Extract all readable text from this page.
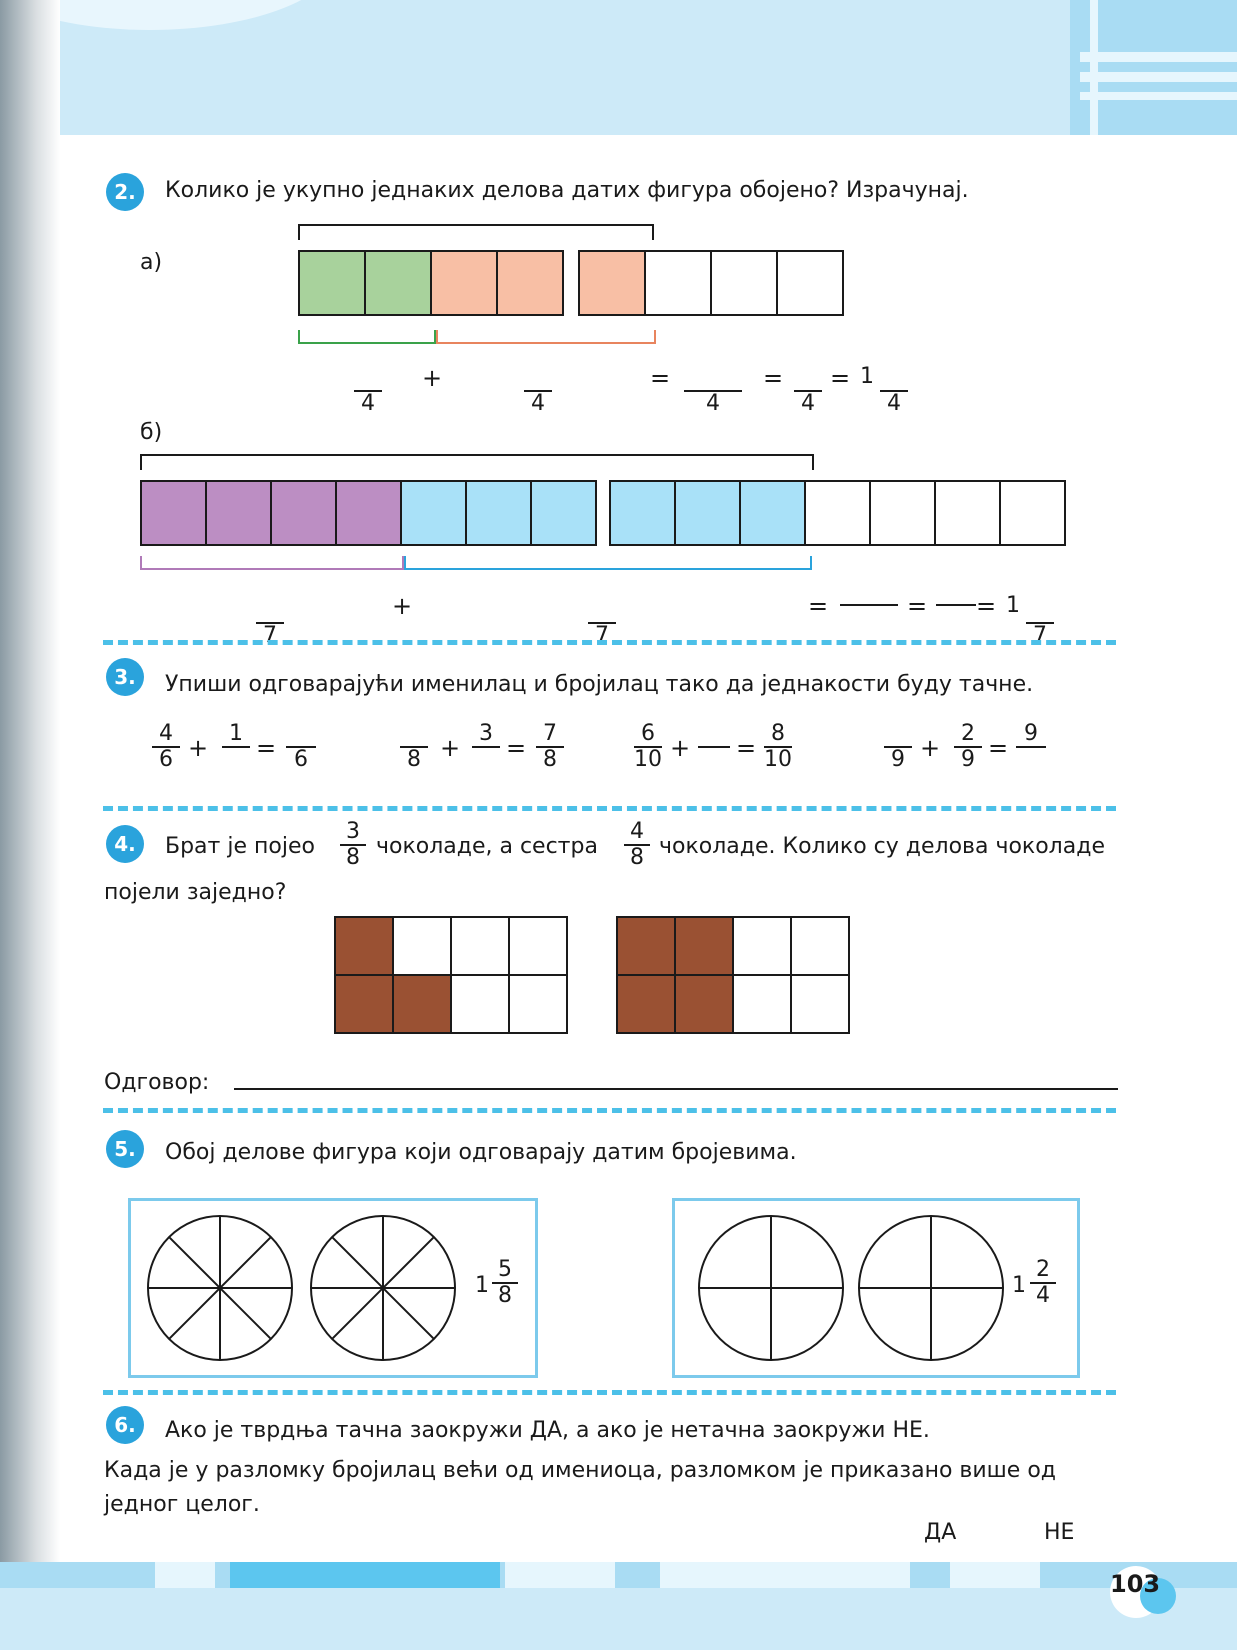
2.	Колико је укупно једнаких делова датих фигура обојено? Израчунај.
а)
4
+
4
=
4
=
4
= 1
4
б)
7
+
7
=	= = 1
7
3.	Упиши одговарајући именилац и бројилац тако да једнакости буду тачне.
4
6 +
1
= 6	8 +
3
=
7
8
6
10 + =
8
10	9 +
2
9 =
9
4.	Брат је појео
3
8 чоколаде, а сестра
4
8 чоколаде. Колико су делова чоколаде
појели заједно?
Одговор:
5.	Обој делове фигура који одговарају датим бројевима.
1
5
8	1
2
4
6.	Ако је тврдња тачна заокружи ДА, а ако је нетачна заокружи НЕ.
Када је у разломку бројилац већи од имениоца, разломком је приказано више од
једног целог.
ДА	НЕ
103
